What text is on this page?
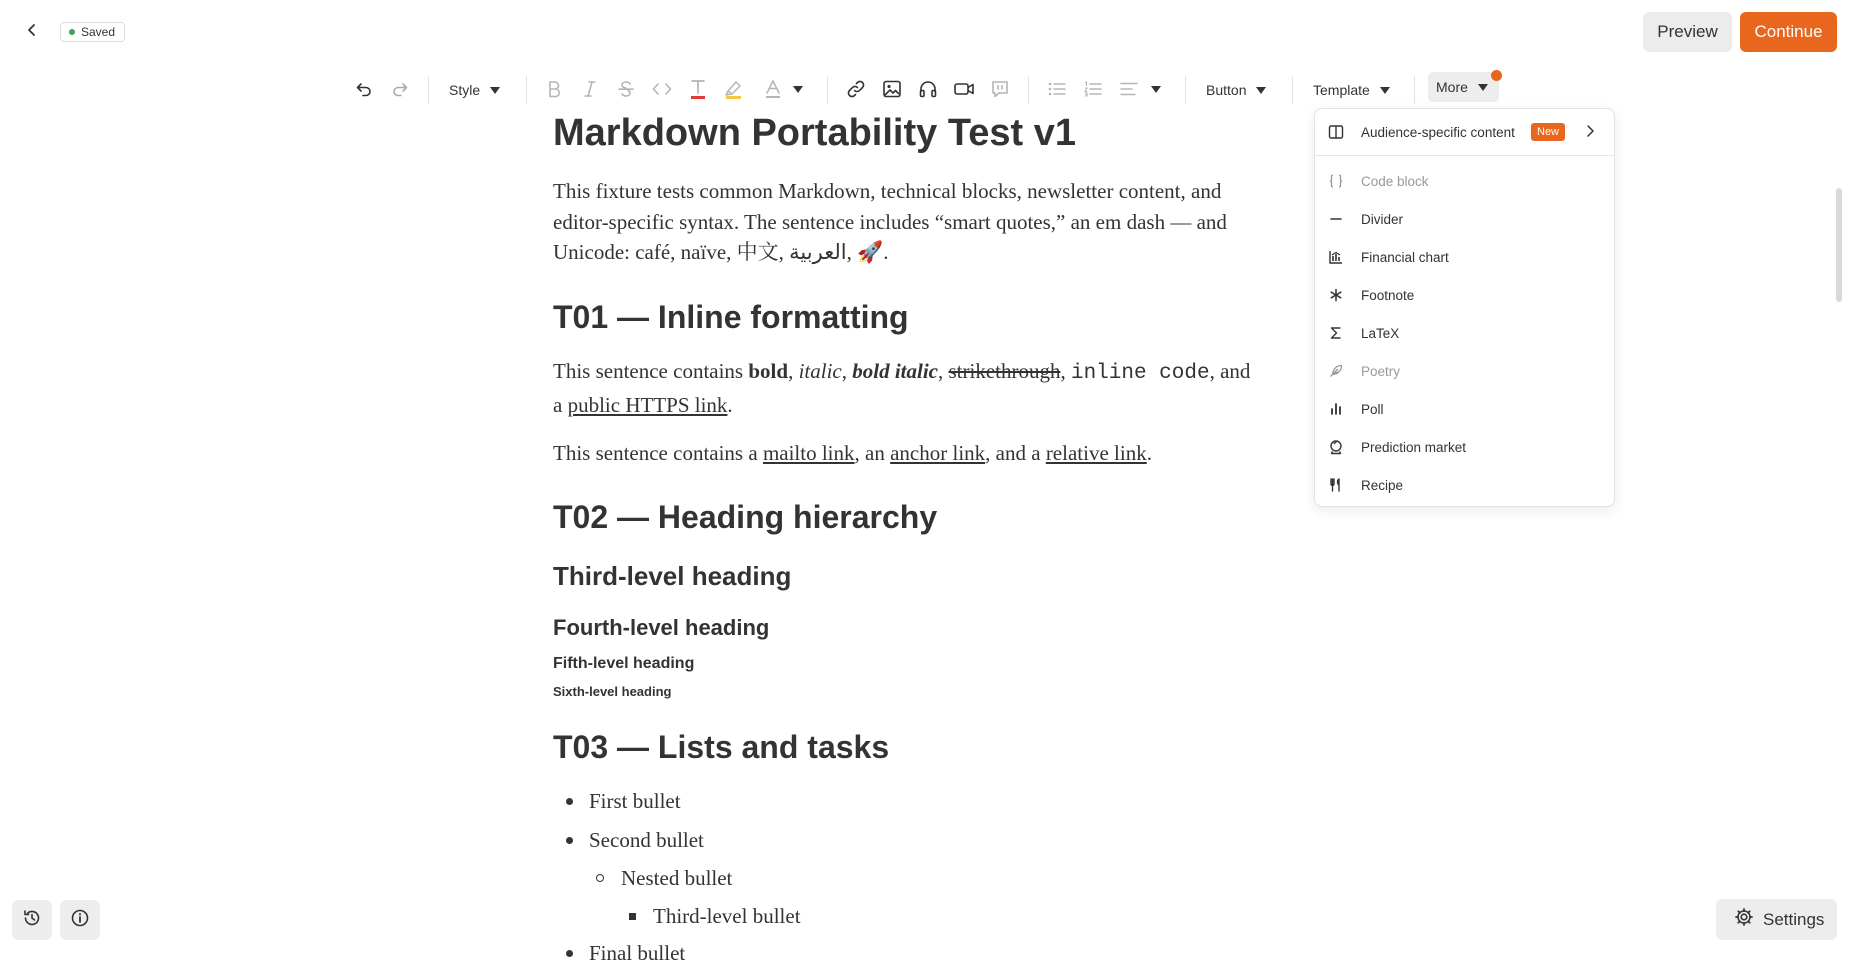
Saved	Preview	Continue
Style	Button	Template	More
Markdown Portability Test v1

This fixture tests common Markdown, technical blocks, newsletter content, and editor-specific syntax. The sentence includes “smart quotes,” an em dash — and Unicode: café, naïve, 中文, العربية, 🚀.

T01 — Inline formatting

This sentence contains bold, italic, bold italic, strikethrough, inline code, and a public HTTPS link.

This sentence contains a mailto link, an anchor link, and a relative link.

T02 — Heading hierarchy
Third-level heading
Fourth-level heading
Fifth-level heading
Sixth-level heading
T03 — Lists and tasks
First bullet
Second bullet
Nested bullet
Third-level bullet
Final bullet
Audience-specific content	New
Code block
Divider
Financial chart
Footnote
LaTeX
Poetry
Poll
Prediction market
Recipe
Settings
